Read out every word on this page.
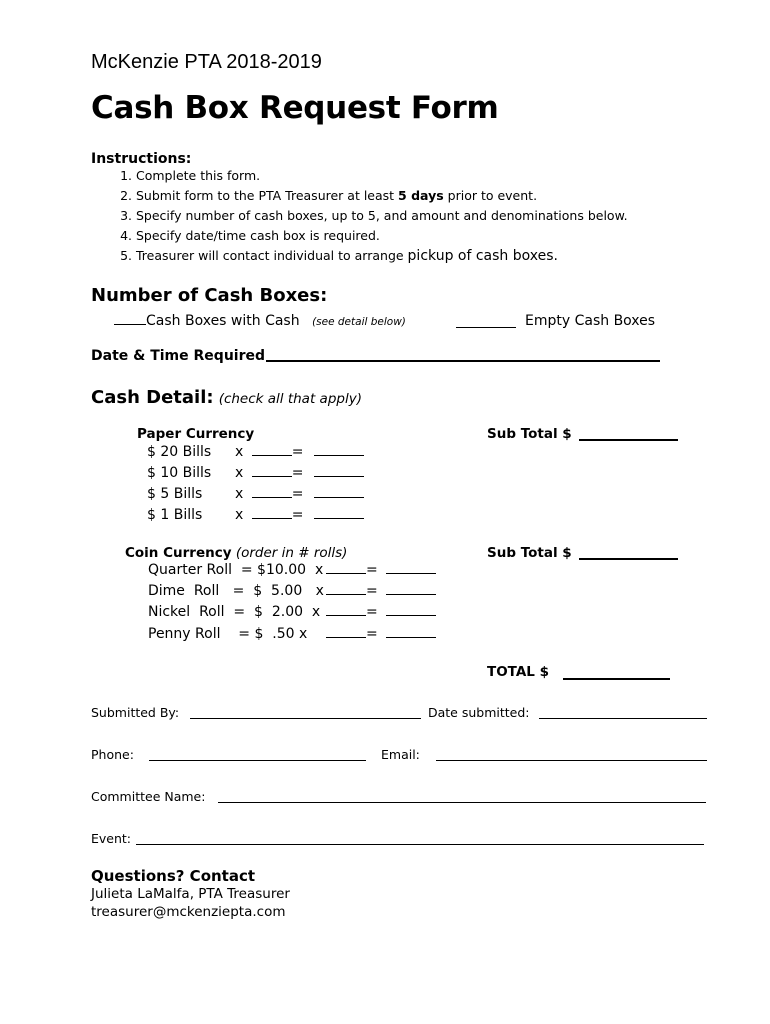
McKenzie PTA 2018-2019
Cash Box Request Form
Instructions:
1. Complete this form.
2. Submit form to the PTA Treasurer at least 5 days prior to event.
3. Specify number of cash boxes, up to 5, and amount and denominations below.
4. Specify date/time cash box is required.
5. Treasurer will contact individual to arrange pickup of cash boxes.
Number of Cash Boxes:
Cash Boxes with Cash (see detail below)	Empty Cash Boxes
Date & Time Required
Cash Detail: (check all that apply)
Paper Currency	Sub Total $
$ 20 Bills x	=
$ 10 Bills x	=
$ 5 Bills x	=
$ 1 Bills x	=
Coin Currency (order in # rolls)	Sub Total $
Quarter Roll  = $10.00  x	=
Dime  Roll   =  $  5.00   x	=
Nickel  Roll  =  $  2.00  x	=
Penny Roll    = $  .50 x	=
TOTAL $
Submitted By:	Date submitted:
Phone:	Email:
Committee Name:
Event:
Questions? Contact
Julieta LaMalfa, PTA Treasurer
treasurer@mckenziepta.com
